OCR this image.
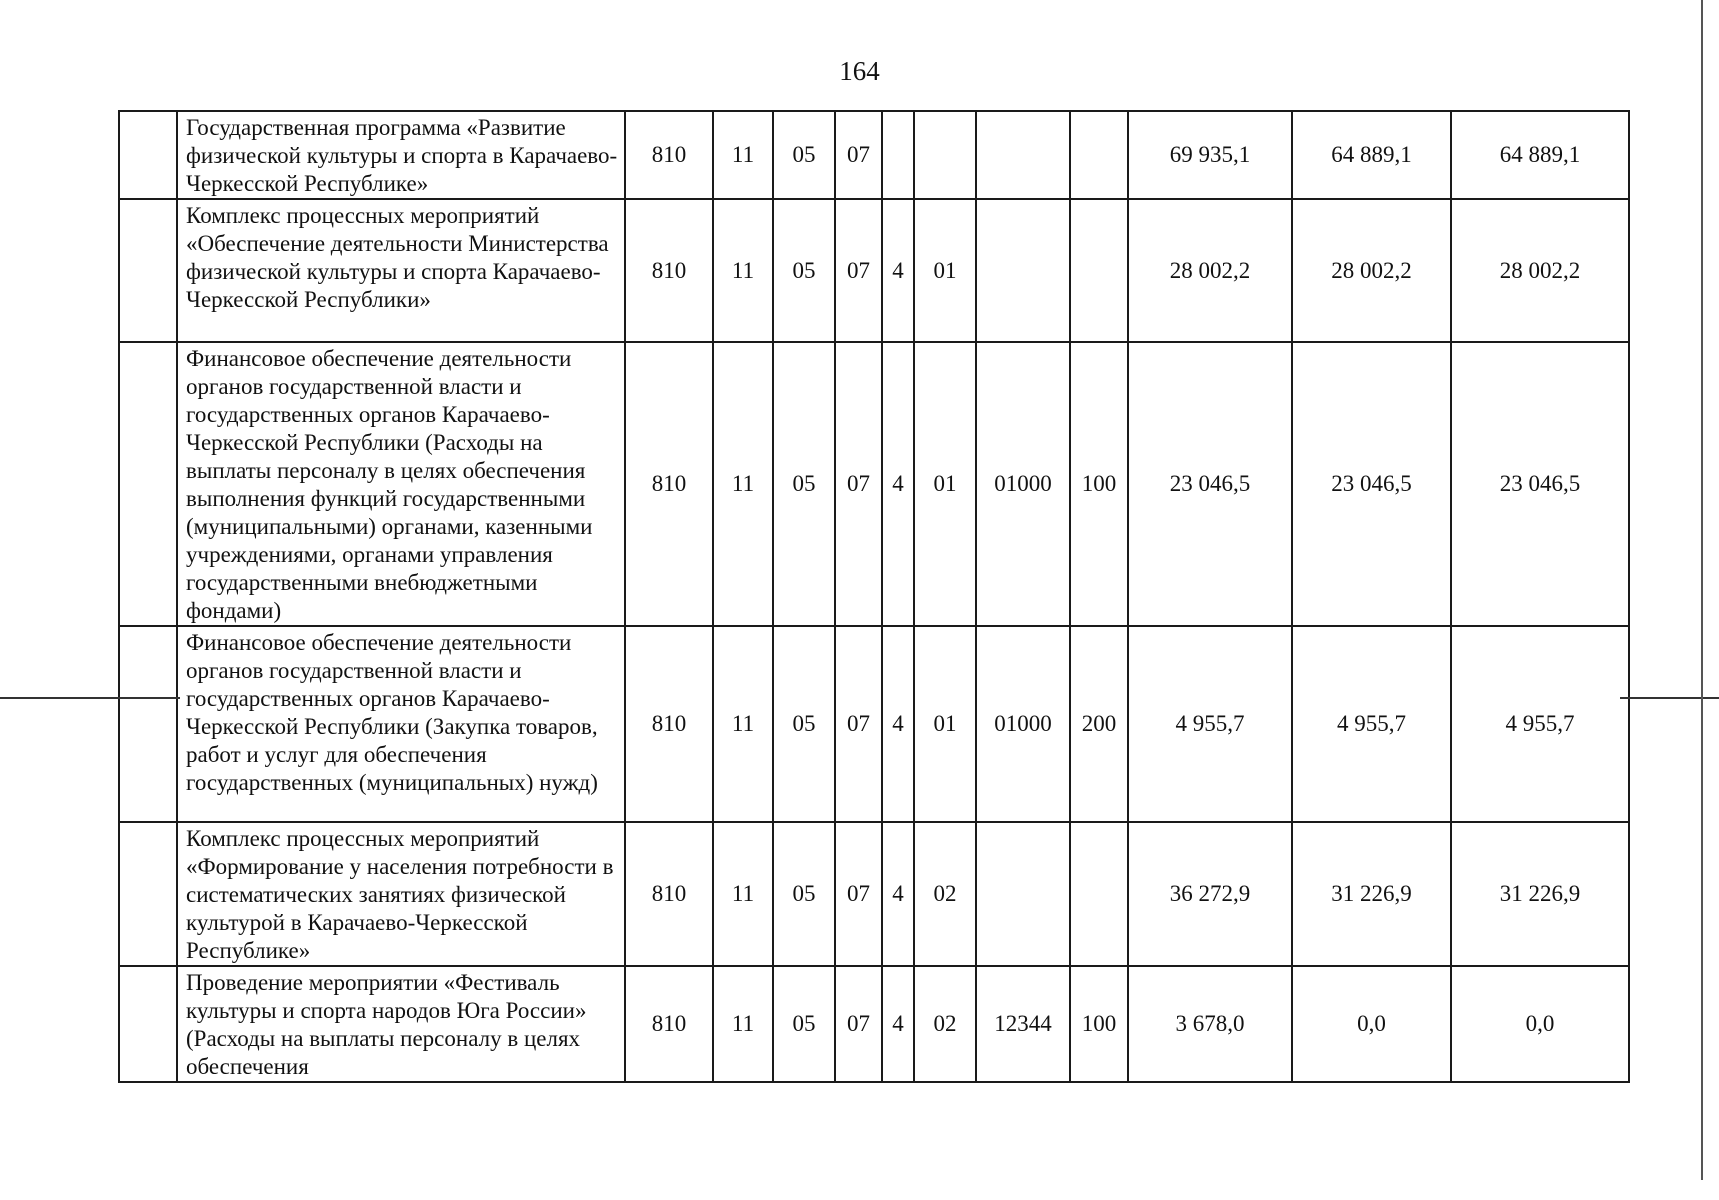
164
	Государственная программа «Развитие физической культуры и спорта в Карачаево-Черкесской Республике»	810	11	05	07					69 935,1	64 889,1	64 889,1
	Комплекс процессных мероприятий «Обеспечение деятельности Министерства физической культуры и спорта Карачаево-Черкесской Республики»	810	11	05	07	4	01			28 002,2	28 002,2	28 002,2
	Финансовое обеспечение деятельности органов государственной власти и государственных органов Карачаево-Черкесской Республики (Расходы на выплаты персоналу в целях обеспечения выполнения функций государственными (муниципальными) органами, казенными учреждениями, органами управления государственными внебюджетными фондами)	810	11	05	07	4	01	01000	100	23 046,5	23 046,5	23 046,5
	Финансовое обеспечение деятельности органов государственной власти и государственных органов Карачаево-Черкесской Республики (Закупка товаров, работ и услуг для обеспечения государственных (муниципальных) нужд)	810	11	05	07	4	01	01000	200	4 955,7	4 955,7	4 955,7
	Комплекс процессных мероприятий «Формирование у населения потребности в систематических занятиях физической культурой в Карачаево-Черкесской Республике»	810	11	05	07	4	02			36 272,9	31 226,9	31 226,9
	Проведение мероприятии «Фестиваль культуры и спорта народов Юга России» (Расходы на выплаты персоналу в целях обеспечения	810	11	05	07	4	02	12344	100	3 678,0	0,0	0,0
